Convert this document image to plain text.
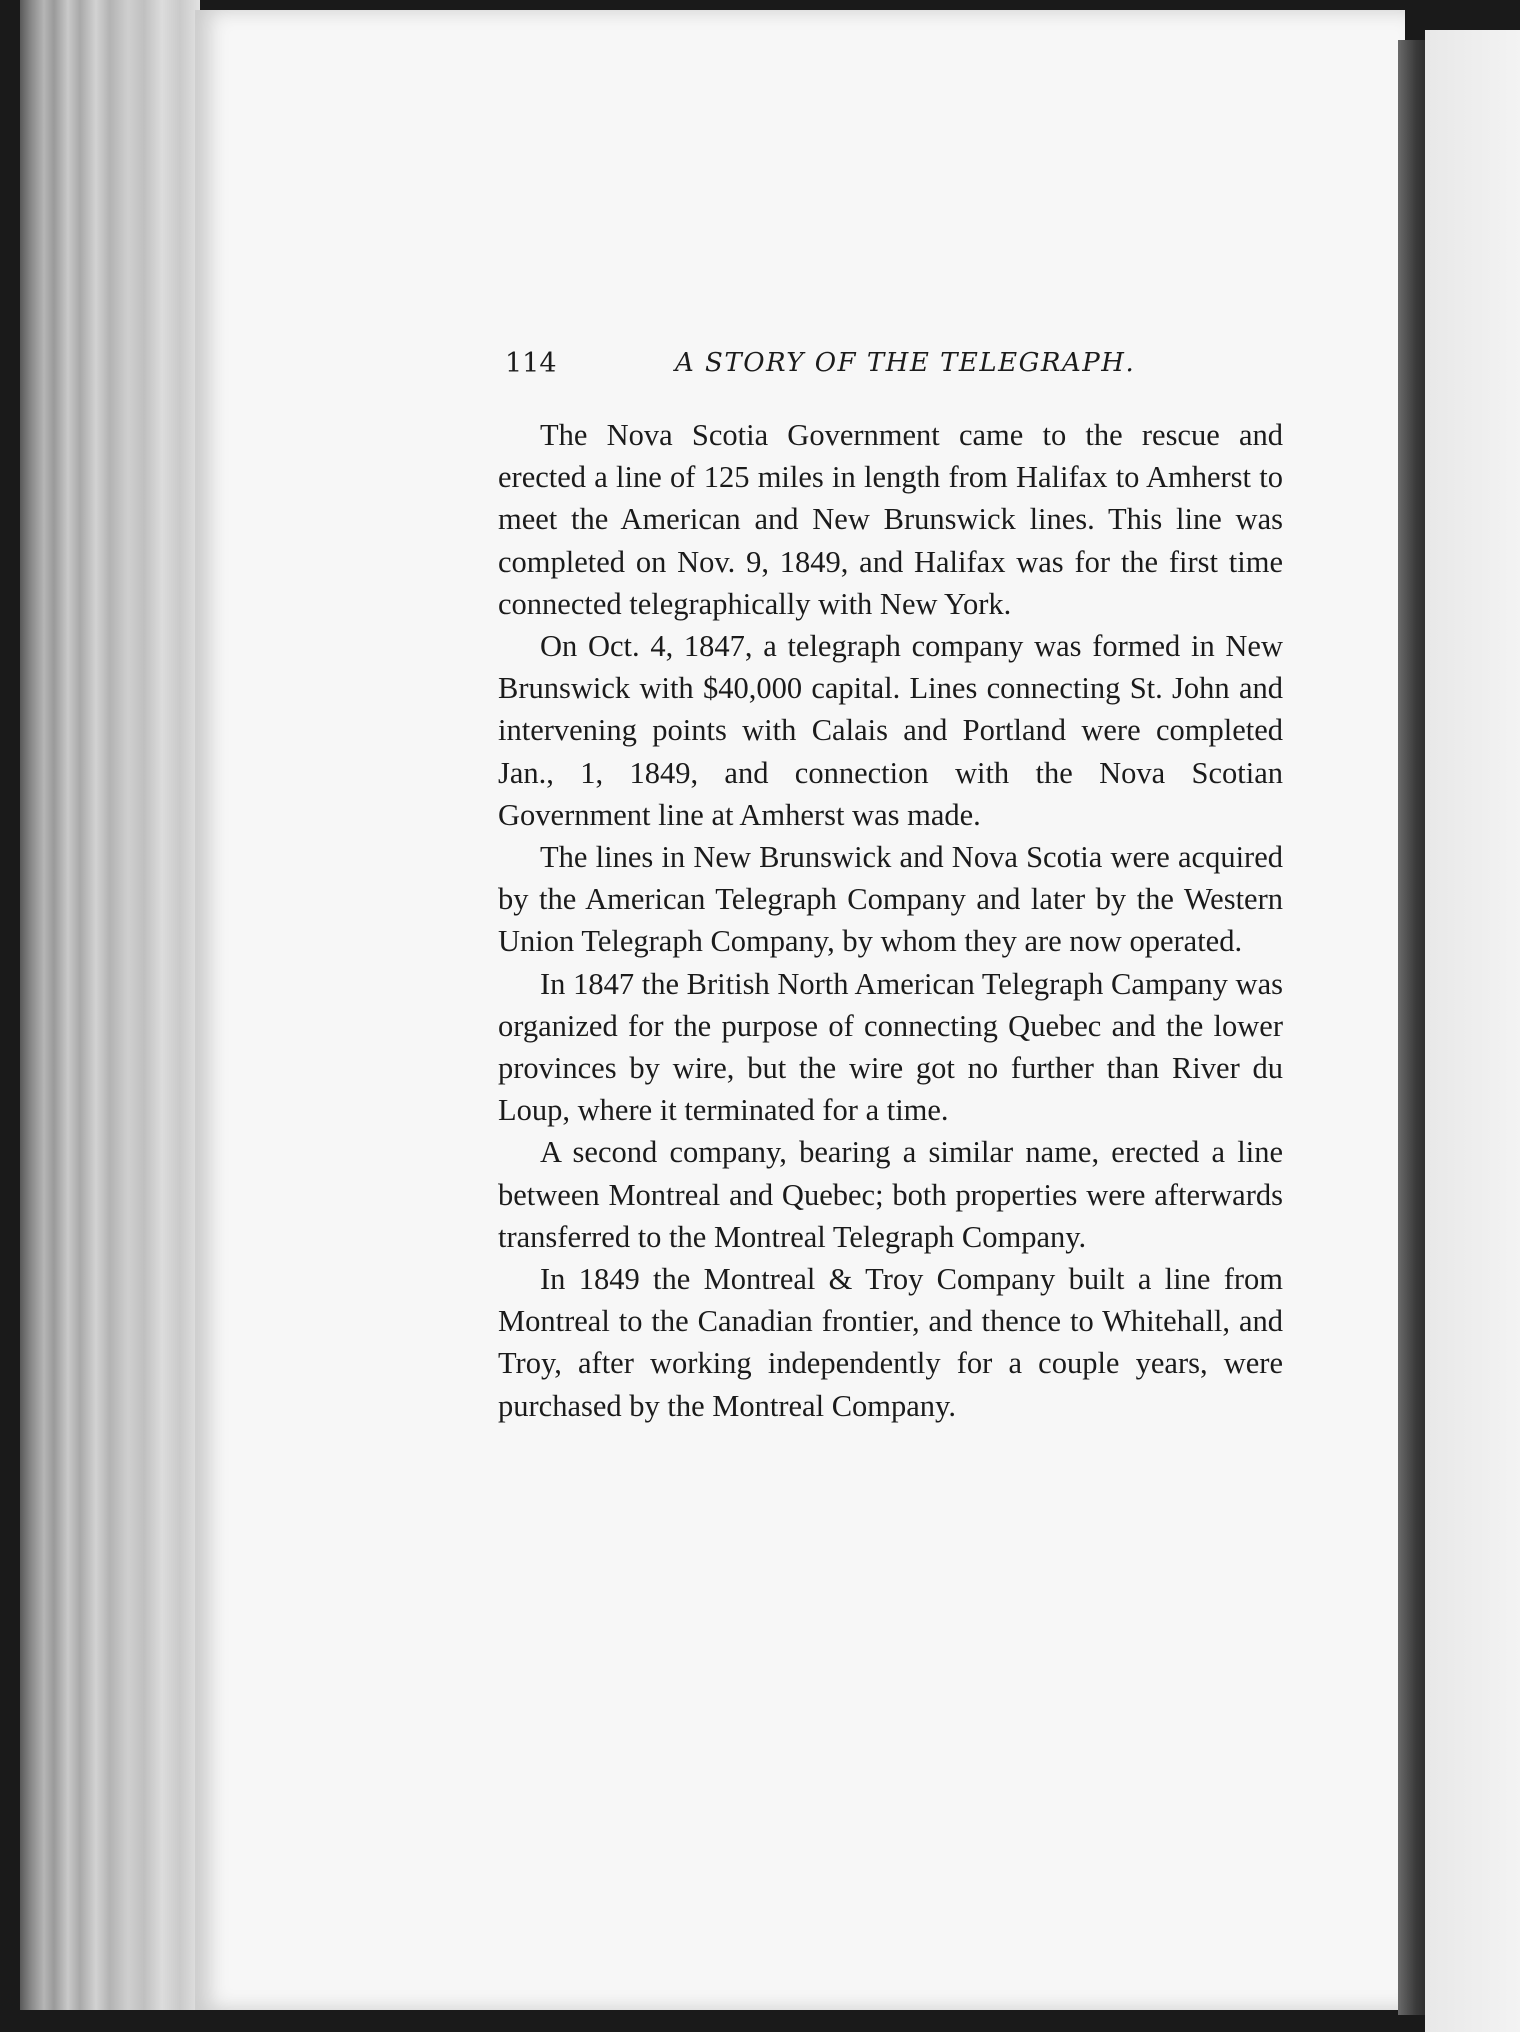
114	A STORY OF THE TELEGRAPH.

The Nova Scotia Government came to the rescue and erected a line of 125 miles in length from Halifax to Amherst to meet the American and New Brunswick lines. This line was completed on Nov. 9, 1849, and Halifax was for the first time connected telegraphically with New York.

On Oct. 4, 1847, a telegraph company was formed in New Brunswick with $40,000 capital. Lines connecting St. John and intervening points with Calais and Portland were completed Jan., 1, 1849, and connection with the Nova Scotian Government line at Amherst was made.

The lines in New Brunswick and Nova Scotia were acquired by the American Telegraph Company and later by the Western Union Telegraph Company, by whom they are now operated.

In 1847 the British North American Telegraph Campany was organized for the purpose of connecting Quebec and the lower provinces by wire, but the wire got no further than River du Loup, where it terminated for a time.

A second company, bearing a similar name, erected a line between Montreal and Quebec; both properties were afterwards transferred to the Montreal Telegraph Company.

In 1849 the Montreal & Troy Company built a line from Montreal to the Canadian frontier, and thence to Whitehall, and Troy, after working independently for a couple years, were purchased by the Montreal Company.
